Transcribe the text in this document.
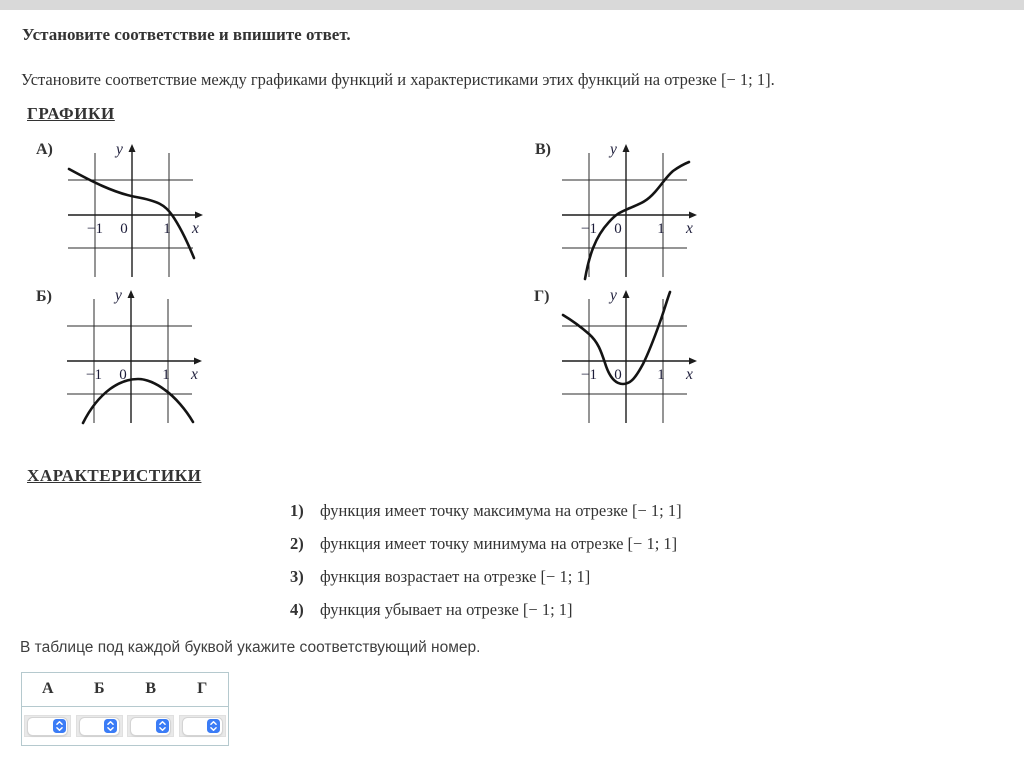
Установите соответствие и впишите ответ.
Установите соответствие между графиками функций и характеристиками этих функций на отрезке [− 1; 1].
ГРАФИКИ
А)
−1 0 1 x
y	В)
−1 0 1 x
y
Б)
−1 0 1 x
y	Г)
−1 0 1 x
y
ХАРАКТЕРИСТИКИ
1) функция имеет точку максимума на отрезке [− 1; 1]
2) функция имеет точку минимума на отрезке [− 1; 1]
3) функция возрастает на отрезке [− 1; 1]
4) функция убывает на отрезке [− 1; 1]
В таблице под каждой буквой укажите соответствующий номер.
А	Б	В	Г
